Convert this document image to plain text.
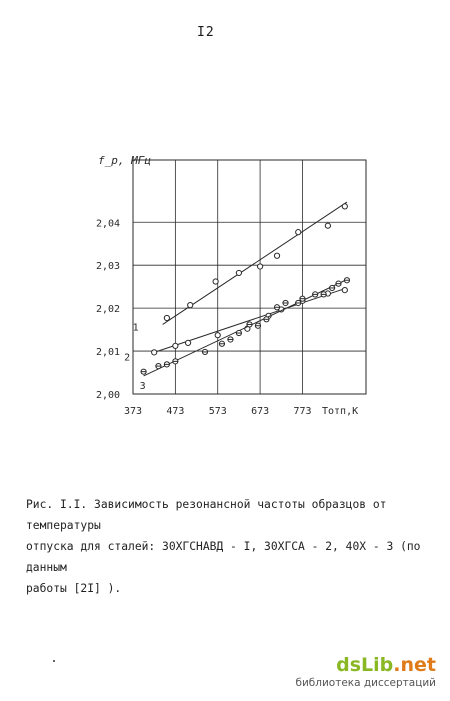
I2
373 473 573 673 773
2,00
2,01
2,02
2,03
2,04
Тотп,K
f_p, МГц
1
2
3
Рис. I.I. Зависимость резонансной частоты образцов от температуры
отпуска для сталей: 30ХГСНАВД - I, 30ХГСА - 2, 40Х - 3 (по данным
работы [2I] ).
dsLib.net
библиотека диссертаций
